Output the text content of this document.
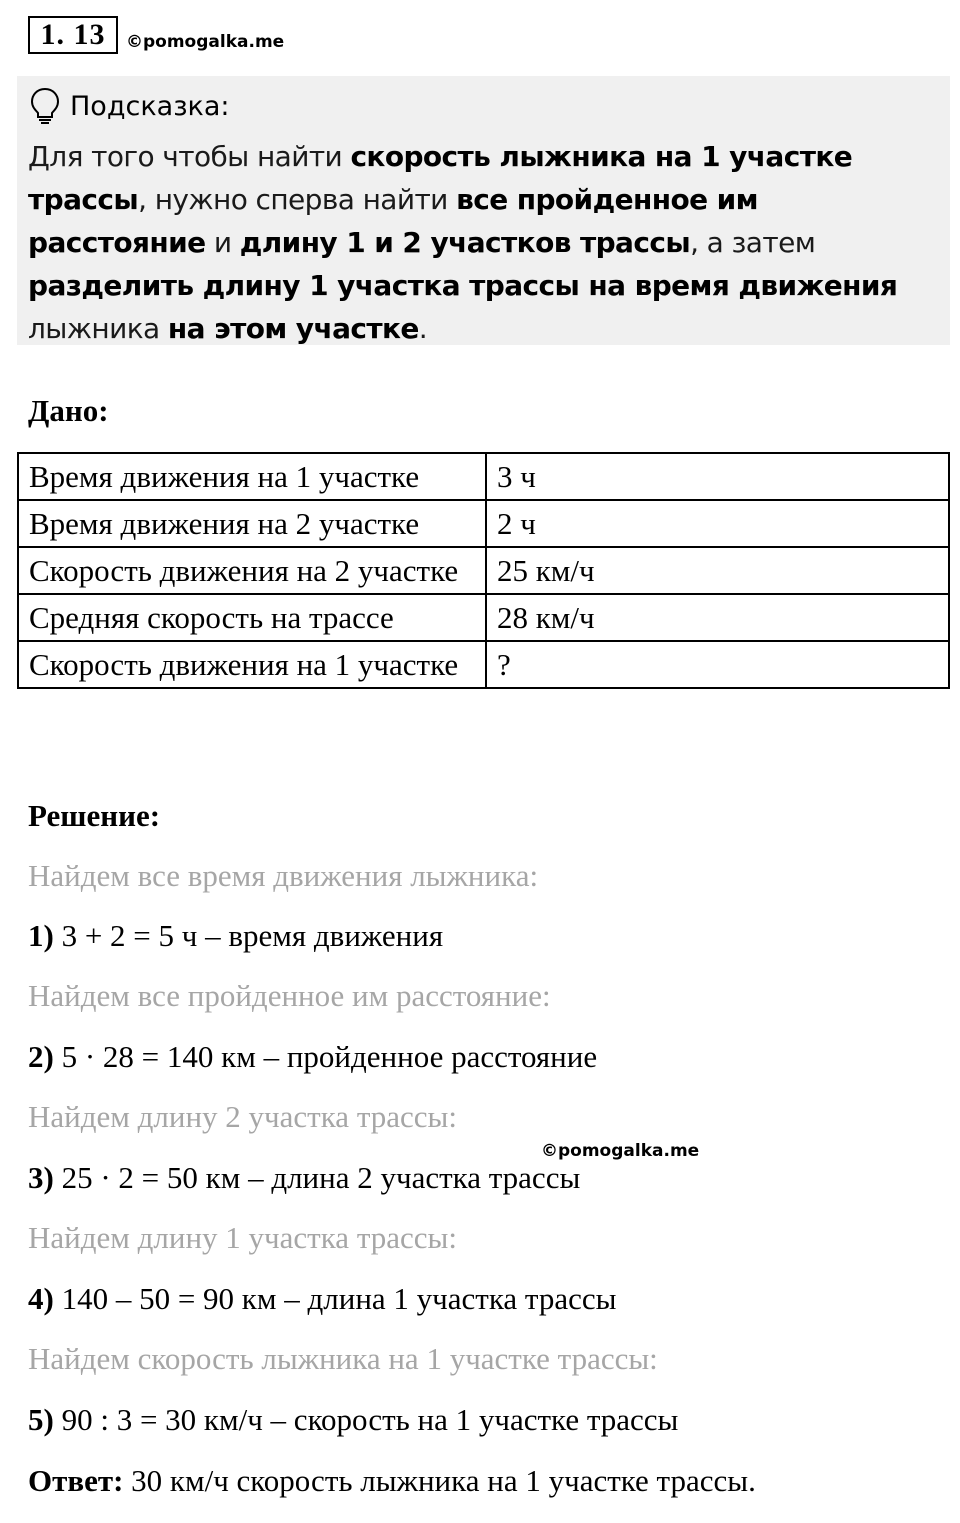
1. 13	©pomogalka.me
Подсказка:
Для того чтобы найти скорость лыжника на 1 участке трассы, нужно сперва найти все пройденное им расстояние и длину 1 и 2 участков трассы, а затем разделить длину 1 участка трассы на время движения лыжника на этом участке.
Дано:
Время движения на 1 участке	3 ч
Время движения на 2 участке	2 ч
Скорость движения на 2 участке	25 км/ч
Средняя скорость на трассе	28 км/ч
Скорость движения на 1 участке	?
Решение:
Найдем все время движения лыжника:
1) 3 + 2 = 5 ч – время движения
Найдем все пройденное им расстояние:
2) 5 · 28 = 140 км – пройденное расстояние
Найдем длину 2 участка трассы:
©pomogalka.me
3) 25 · 2 = 50 км – длина 2 участка трассы
Найдем длину 1 участка трассы:
4) 140 – 50 = 90 км – длина 1 участка трассы
Найдем скорость лыжника на 1 участке трассы:
5) 90 : 3 = 30 км/ч – скорость на 1 участке трассы
Ответ: 30 км/ч скорость лыжника на 1 участке трассы.
